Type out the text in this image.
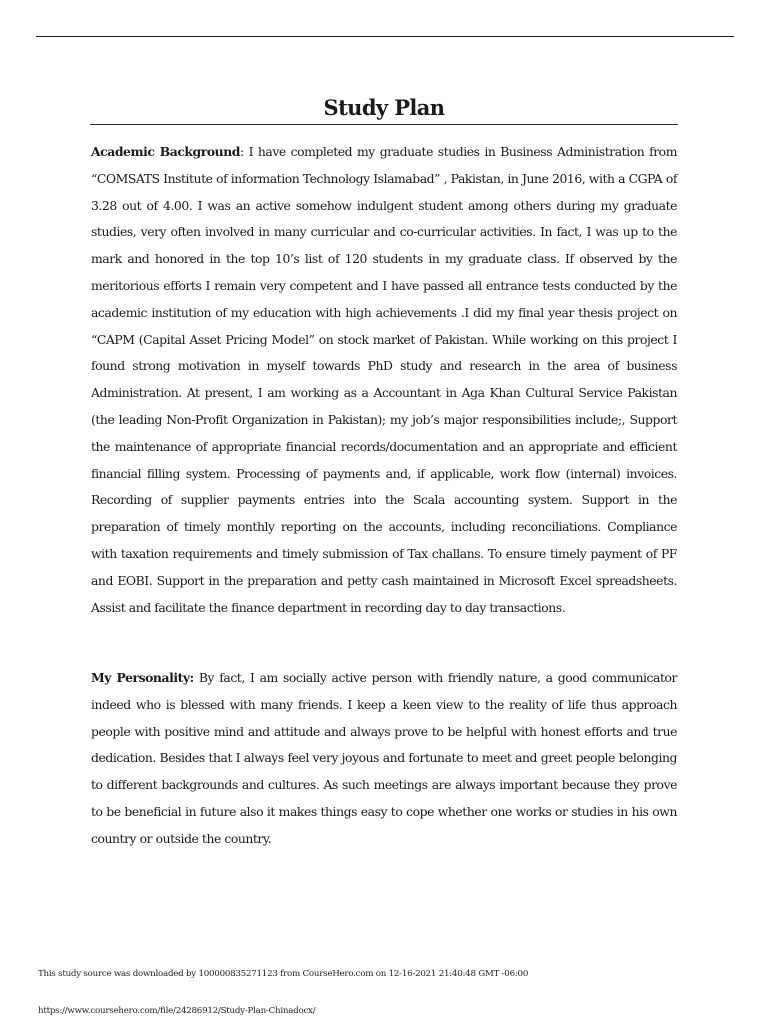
Study Plan

Academic Background: I have completed my graduate studies in Business Administration from “COMSATS Institute of information Technology Islamabad” , Pakistan, in June 2016, with a CGPA of 3.28 out of 4.00. I was an active somehow indulgent student among others during my graduate studies, very often involved in many curricular and co-curricular activities. In fact, I was up to the mark and honored in the top 10’s list of 120 students in my graduate class. If observed by the meritorious efforts I remain very competent and I have passed all entrance tests conducted by the academic institution of my education with high achievements .I did my final year thesis project on “CAPM (Capital Asset Pricing Model” on stock market of Pakistan. While working on this project I found strong motivation in myself towards PhD study and research in the area of business Administration. At present, I am working as a Accountant in Aga Khan Cultural Service Pakistan (the leading Non-Profit Organization in Pakistan); my job’s major responsibilities include;, Support the maintenance of appropriate financial records/documentation and an appropriate and efficient financial filling system. Processing of payments and, if applicable, work flow (internal) invoices. Recording of supplier payments entries into the Scala accounting system. Support in the preparation of timely monthly reporting on the accounts, including reconciliations. Compliance with taxation requirements and timely submission of Tax challans. To ensure timely payment of PF and EOBI. Support in the preparation and petty cash maintained in Microsoft Excel spreadsheets. Assist and facilitate the finance department in recording day to day transactions.

My Personality: By fact, I am socially active person with friendly nature, a good communicator indeed who is blessed with many friends. I keep a keen view to the reality of life thus approach people with positive mind and attitude and always prove to be helpful with honest efforts and true dedication. Besides that I always feel very joyous and fortunate to meet and greet people belonging to different backgrounds and cultures. As such meetings are always important because they prove to be beneficial in future also it makes things easy to cope whether one works or studies in his own country or outside the country.

This study source was downloaded by 100000835271123 from CourseHero.com on 12-16-2021 21:40:48 GMT -06:00
https://www.coursehero.com/file/24286912/Study-Plan-Chinadocx/
